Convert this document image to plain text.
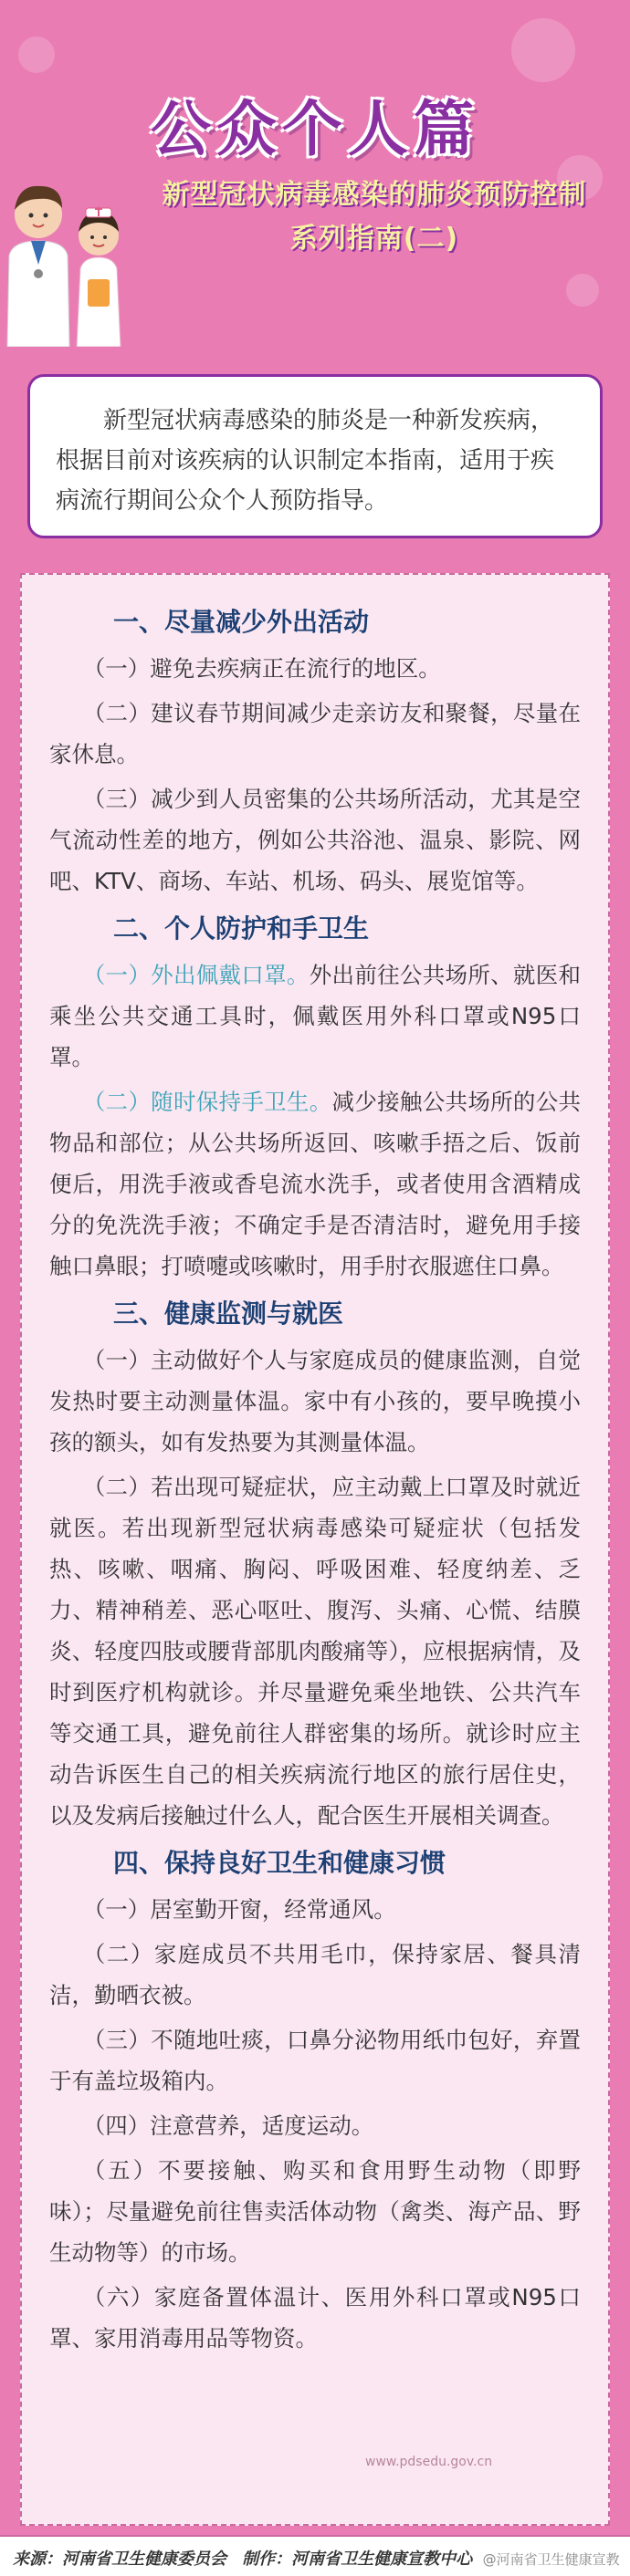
公众个人篇
新型冠状病毒感染的肺炎预防控制
系列指南(二)

新型冠状病毒感染的肺炎是一种新发疾病，根据目前对该疾病的认识制定本指南，适用于疾病流行期间公众个人预防指导。

一、尽量减少外出活动

（一）避免去疾病正在流行的地区。

（二）建议春节期间减少走亲访友和聚餐，尽量在家休息。

（三）减少到人员密集的公共场所活动，尤其是空气流动性差的地方，例如公共浴池、温泉、影院、网吧、KTV、商场、车站、机场、码头、展览馆等。

二、个人防护和手卫生

（一）外出佩戴口罩。外出前往公共场所、就医和乘坐公共交通工具时，佩戴医用外科口罩或N95口罩。

（二）随时保持手卫生。减少接触公共场所的公共物品和部位；从公共场所返回、咳嗽手捂之后、饭前便后，用洗手液或香皂流水洗手，或者使用含酒精成分的免洗洗手液；不确定手是否清洁时，避免用手接触口鼻眼；打喷嚏或咳嗽时，用手肘衣服遮住口鼻。

三、健康监测与就医

（一）主动做好个人与家庭成员的健康监测，自觉发热时要主动测量体温。家中有小孩的，要早晚摸小孩的额头，如有发热要为其测量体温。

（二）若出现可疑症状，应主动戴上口罩及时就近就医。若出现新型冠状病毒感染可疑症状（包括发热、咳嗽、咽痛、胸闷、呼吸困难、轻度纳差、乏力、精神稍差、恶心呕吐、腹泻、头痛、心慌、结膜炎、轻度四肢或腰背部肌肉酸痛等），应根据病情，及时到医疗机构就诊。并尽量避免乘坐地铁、公共汽车等交通工具，避免前往人群密集的场所。就诊时应主动告诉医生自己的相关疾病流行地区的旅行居住史，以及发病后接触过什么人，配合医生开展相关调查。

四、保持良好卫生和健康习惯

（一）居室勤开窗，经常通风。

（二）家庭成员不共用毛巾，保持家居、餐具清洁，勤晒衣被。

（三）不随地吐痰，口鼻分泌物用纸巾包好，弃置于有盖垃圾箱内。

（四）注意营养，适度运动。

（五）不要接触、购买和食用野生动物（即野味）；尽量避免前往售卖活体动物（禽类、海产品、野生动物等）的市场。

（六）家庭备置体温计、医用外科口罩或N95口罩、家用消毒用品等物资。

www.pdsedu.gov.cn
来源：河南省卫生健康委员会 制作：河南省卫生健康宣教中心 @河南省卫生健康宣教
